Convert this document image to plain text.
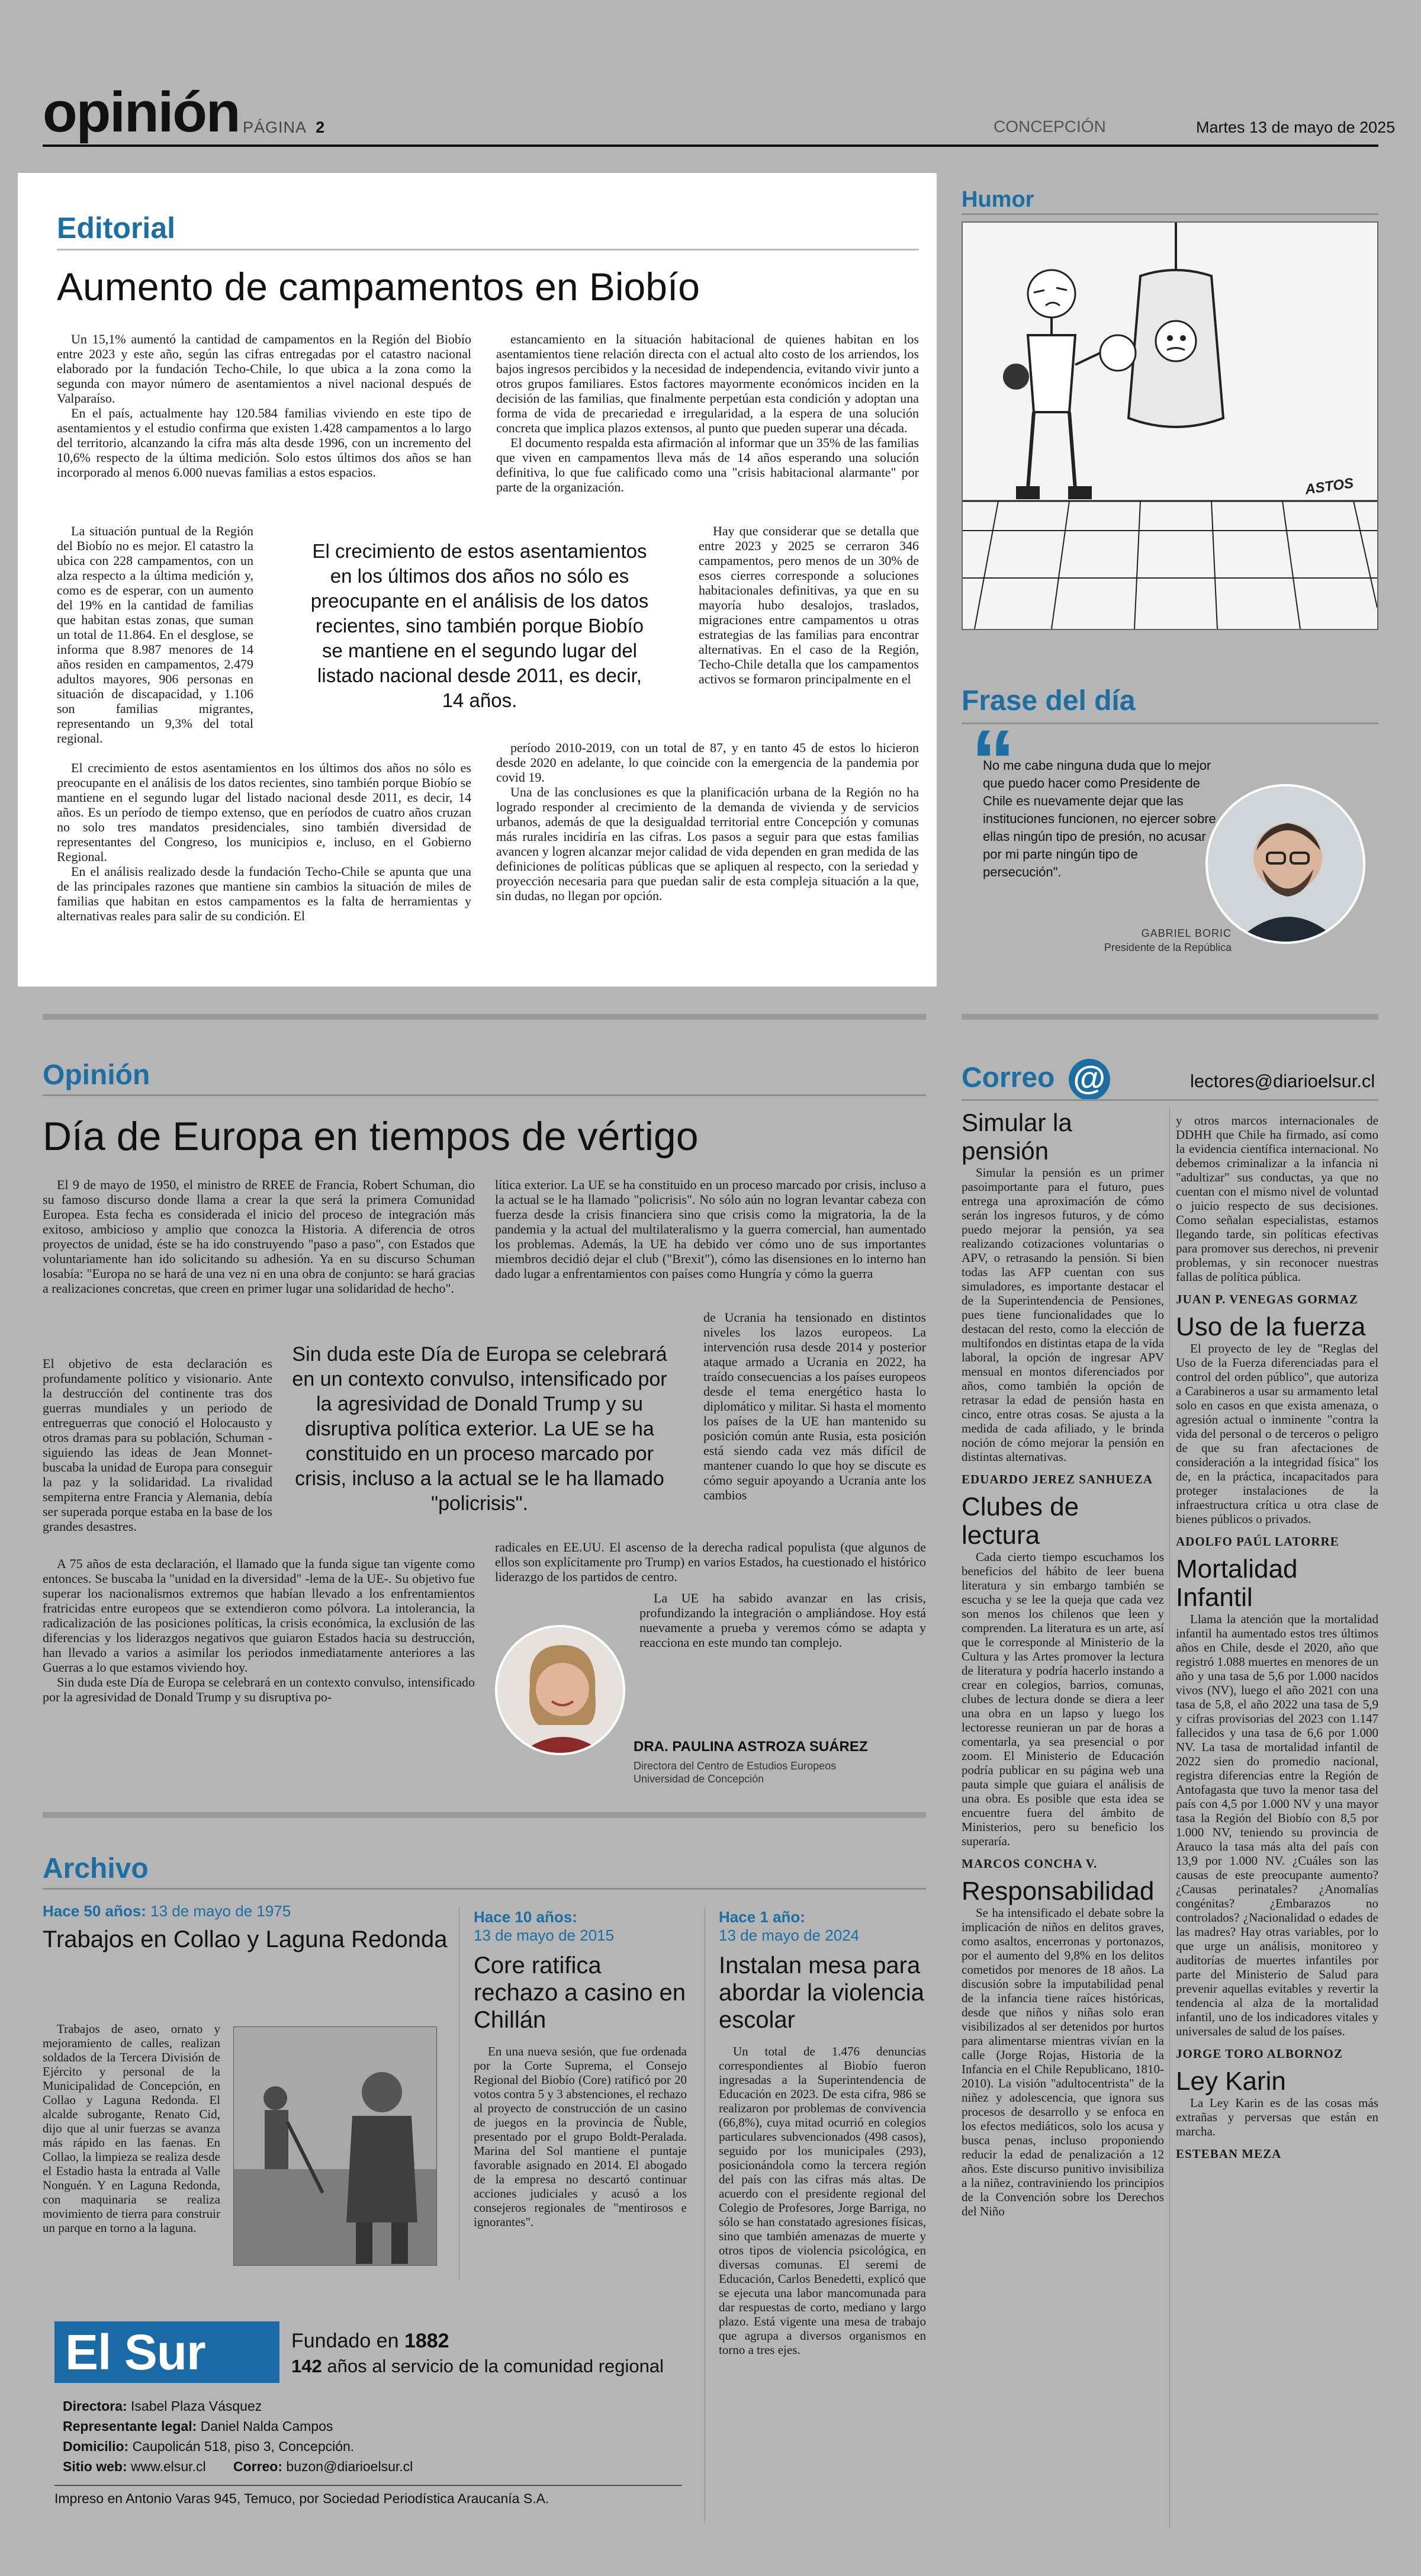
opinión PÁGINA 2	CONCEPCIÓN	Martes 13 de mayo de 2025
Editorial
Aumento de campamentos en Biobío

Un 15,1% aumentó la cantidad de campamentos en la Región del Biobío entre 2023 y este año, según las cifras entregadas por el catastro nacional elaborado por la fundación Techo-Chile, lo que ubica a la zona como la segunda con mayor número de asentamientos a nivel nacional después de Valparaíso.

En el país, actualmente hay 120.584 familias viviendo en este tipo de asentamientos y el estudio confirma que existen 1.428 campamentos a lo largo del territorio, alcanzando la cifra más alta desde 1996, con un incremento del 10,6% respecto de la última medición. Solo estos últimos dos años se han incorporado al menos 6.000 nuevas familias a estos espacios.

La situación puntual de la Región del Biobío no es mejor. El catastro la ubica con 228 campamentos, con un alza respecto a la última medición y, como es de esperar, con un aumento del 19% en la cantidad de familias que habitan estas zonas, que suman un total de 11.864. En el desglose, se informa que 8.987 menores de 14 años residen en campamentos, 2.479 adultos mayores, 906 personas en situación de discapacidad, y 1.106 son familias migrantes, representando un 9,3% del total regional.

El crecimiento de estos asentamientos en los últimos dos años no sólo es preocupante en el análisis de los datos recientes, sino también porque Biobío se mantiene en el segundo lugar del listado nacional desde 2011, es decir, 14 años. Es un período de tiempo extenso, que en períodos de cuatro años cruzan no solo tres mandatos presidenciales, sino también diversidad de representantes del Congreso, los municipios e, incluso, en el Gobierno Regional.

En el análisis realizado desde la fundación Techo-Chile se apunta que una de las principales razones que mantiene sin cambios la situación de miles de familias que habitan en estos campamentos es la falta de herramientas y alternativas reales para salir de su condición. El

estancamiento en la situación habitacional de quienes habitan en los asentamientos tiene relación directa con el actual alto costo de los arriendos, los bajos ingresos percibidos y la necesidad de independencia, evitando vivir junto a otros grupos familiares. Estos factores mayormente económicos inciden en la decisión de las familias, que finalmente perpetúan esta condición y adoptan una forma de vida de precariedad e irregularidad, a la espera de una solución concreta que implica plazos extensos, al punto que pueden superar una década.

El documento respalda esta afirmación al informar que un 35% de las familias que viven en campamentos lleva más de 14 años esperando una solución definitiva, lo que fue calificado como una "crisis habitacional alarmante" por parte de la organización.

Hay que considerar que se detalla que entre 2023 y 2025 se cerraron 346 campamentos, pero menos de un 30% de esos cierres corresponde a soluciones habitacionales definitivas, ya que en su mayoría hubo desalojos, traslados, migraciones entre campamentos u otras estrategias de las familias para encontrar alternativas. En el caso de la Región, Techo-Chile detalla que los campamentos activos se formaron principalmente en el

período 2010-2019, con un total de 87, y en tanto 45 de estos lo hicieron desde 2020 en adelante, lo que coincide con la emergencia de la pandemia por covid 19.

Una de las conclusiones es que la planificación urbana de la Región no ha logrado responder al crecimiento de la demanda de vivienda y de servicios urbanos, además de que la desigualdad territorial entre Concepción y comunas más rurales incidiría en las cifras. Los pasos a seguir para que estas familias avancen y logren alcanzar mejor calidad de vida dependen en gran medida de las definiciones de políticas públicas que se apliquen al respecto, con la seriedad y proyección necesaria para que puedan salir de esta compleja situación a la que, sin dudas, no llegan por opción.

El crecimiento de estos asentamientos en los últimos dos años no sólo es preocupante en el análisis de los datos recientes, sino también porque Biobío se mantiene en el segundo lugar del listado nacional desde 2011, es decir, 14 años.
Humor
ASTOS
Frase del día
“
No me cabe ninguna duda que lo mejor que puedo hacer como Presidente de Chile es nuevamente dejar que las instituciones funcionen, no ejercer sobre ellas ningún tipo de presión, no acusar por mi parte ningún tipo de persecución".
GABRIEL BORIC
Presidente de la República
Opinión
Día de Europa en tiempos de vértigo

El 9 de mayo de 1950, el ministro de RREE de Francia, Robert Schuman, dio su famoso discurso donde llama a crear la que será la primera Comunidad Europea. Esta fecha es considerada el inicio del proceso de integración más exitoso, ambicioso y amplio que conozca la Historia. A diferencia de otros proyectos de unidad, éste se ha ido construyendo "paso a paso", con Estados que voluntariamente han ido solicitando su adhesión. Ya en su discurso Schuman losabía: "Europa no se hará de una vez ni en una obra de conjunto: se hará gracias a realizaciones concretas, que creen en primer lugar una solidaridad de hecho".

El objetivo de esta declaración es profundamente político y visionario. Ante la destrucción del continente tras dos guerras mundiales y un periodo de entreguerras que conoció el Holocausto y otros dramas para su población, Schuman -siguiendo las ideas de Jean Monnet- buscaba la unidad de Europa para conseguir la paz y la solidaridad. La rivalidad sempiterna entre Francia y Alemania, debía ser superada porque estaba en la base de los grandes desastres.

A 75 años de esta declaración, el llamado que la funda sigue tan vigente como entonces. Se buscaba la "unidad en la diversidad" -lema de la UE-. Su objetivo fue superar los nacionalismos extremos que habían llevado a los enfrentamientos fratricidas entre europeos que se extendieron como pólvora. La intolerancia, la radicalización de las posiciones políticas, la crisis económica, la exclusión de las diferencias y los liderazgos negativos que guiaron Estados hacia su destrucción, han llevado a varios a asimilar los periodos inmediatamente anteriores a las Guerras a lo que estamos viviendo hoy.

Sin duda este Día de Europa se celebrará en un contexto convulso, intensificado por la agresividad de Donald Trump y su disruptiva po-

lítica exterior. La UE se ha constituido en un proceso marcado por crisis, incluso a la actual se le ha llamado "policrisis". No sólo aún no logran levantar cabeza con fuerza desde la crisis financiera sino que crisis como la migratoria, la de la pandemia y la actual del multilateralismo y la guerra comercial, han aumentado los problemas. Además, la UE ha debido ver cómo uno de sus importantes miembros decidió dejar el club ("Brexit"), cómo las disensiones en lo interno han dado lugar a enfrentamientos con países como Hungría y cómo la guerra

de Ucrania ha tensionado en distintos niveles los lazos europeos. La intervención rusa desde 2014 y posterior ataque armado a Ucrania en 2022, ha traído consecuencias a los países europeos desde el tema energético hasta lo diplomático y militar. Si hasta el momento los países de la UE han mantenido su posición común ante Rusia, esta posición está siendo cada vez más difícil de mantener cuando lo que hoy se discute es cómo seguir apoyando a Ucrania ante los cambios

radicales en EE.UU. El ascenso de la derecha radical populista (que algunos de ellos son explícitamente pro Trump) en varios Estados, ha cuestionado el histórico liderazgo de los partidos de centro.

La UE ha sabido avanzar en las crisis, profundizando la integración o ampliándose. Hoy está nuevamente a prueba y veremos cómo se adapta y reacciona en este mundo tan complejo.

Sin duda este Día de Europa se celebrará en un contexto convulso, intensificado por la agresividad de Donald Trump y su disruptiva política exterior. La UE se ha constituido en un proceso marcado por crisis, incluso a la actual se le ha llamado "policrisis".
DRA. PAULINA ASTROZA SUÁREZ
Directora del Centro de Estudios Europeos
Universidad de Concepción
Correo @	lectores@diarioelsur.cl
Simular la pensión

Simular la pensión es un primer pasoimportante para el futuro, pues entrega una aproximación de cómo serán los ingresos futuros, y de cómo puedo mejorar la pensión, ya sea realizando cotizaciones voluntarias o APV, o retrasando la pensión. Si bien todas las AFP cuentan con sus simuladores, es importante destacar el de la Superintendencia de Pensiones, pues tiene funcionalidades que lo destacan del resto, como la elección de multifondos en distintas etapa de la vida laboral, la opción de ingresar APV mensual en montos diferenciados por años, como también la opción de retrasar la edad de pensión hasta en cinco, entre otras cosas. Se ajusta a la medida de cada afiliado, y le brinda noción de cómo mejorar la pensión en distintas alternativas.

EDUARDO JEREZ SANHUEZA
Clubes de lectura

Cada cierto tiempo escuchamos los beneficios del hábito de leer buena literatura y sin embargo también se escucha y se lee la queja que cada vez son menos los chilenos que leen y comprenden. La literatura es un arte, así que le corresponde al Ministerio de la Cultura y las Artes promover la lectura de literatura y podría hacerlo instando a crear en colegios, barrios, comunas, clubes de lectura donde se diera a leer una obra en un lapso y luego los lectoresse reunieran un par de horas a comentarla, ya sea presencial o por zoom. El Ministerio de Educación podría publicar en su página web una pauta simple que guiara el análisis de una obra. Es posible que esta idea se encuentre fuera del ámbito de Ministerios, pero su beneficio los superaría.

MARCOS CONCHA V.
Responsabilidad

Se ha intensificado el debate sobre la implicación de niños en delitos graves, como asaltos, encerronas y portonazos, por el aumento del 9,8% en los delitos cometidos por menores de 18 años. La discusión sobre la imputabilidad penal de la infancia tiene raíces históricas, desde que niños y niñas solo eran visibilizados al ser detenidos por hurtos para alimentarse mientras vivían en la calle (Jorge Rojas, Historia de la Infancia en el Chile Republicano, 1810-2010). La visión "adultocentrista" de la niñez y adolescencia, que ignora sus procesos de desarrollo y se enfoca en los efectos mediáticos, solo los acusa y busca penas, incluso proponiendo reducir la edad de penalización a 12 años. Este discurso punitivo invisibiliza a la niñez, contraviniendo los principios de la Convención sobre los Derechos del Niño

y otros marcos internacionales de DDHH que Chile ha firmado, así como la evidencia científica internacional. No debemos criminalizar a la infancia ni "adultizar" sus conductas, ya que no cuentan con el mismo nivel de voluntad o juicio respecto de sus decisiones. Como señalan especialistas, estamos llegando tarde, sin políticas efectivas para promover sus derechos, ni prevenir problemas, y sin reconocer nuestras fallas de política pública.

JUAN P. VENEGAS GORMAZ
Uso de la fuerza

El proyecto de ley de "Reglas del Uso de la Fuerza diferenciadas para el control del orden público", que autoriza a Carabineros a usar su armamento letal solo en casos en que exista amenaza, o agresión actual o inminente "contra la vida del personal o de terceros o peligro de que su fran afectaciones de consideración a la integridad física" los de, en la práctica, incapacitados para proteger instalaciones de la infraestructura crítica u otra clase de bienes públicos o privados.

ADOLFO PAÚL LATORRE
Mortalidad Infantil

Llama la atención que la mortalidad infantil ha aumentado estos tres últimos años en Chile, desde el 2020, año que registró 1.088 muertes en menores de un año y una tasa de 5,6 por 1.000 nacidos vivos (NV), luego el año 2021 con una tasa de 5,8, el año 2022 una tasa de 5,9 y cifras provisorias del 2023 con 1.147 fallecidos y una tasa de 6,6 por 1.000 NV. La tasa de mortalidad infantil de 2022 sien do promedio nacional, registra diferencias entre la Región de Antofagasta que tuvo la menor tasa del país con 4,5 por 1.000 NV y una mayor tasa la Región del Biobío con 8,5 por 1.000 NV, teniendo su provincia de Arauco la tasa más alta del país con 13,9 por 1.000 NV. ¿Cuáles son las causas de este preocupante aumento? ¿Causas perinatales? ¿Anomalías congénitas? ¿Embarazos no controlados? ¿Nacionalidad o edades de las madres? Hay otras variables, por lo que urge un análisis, monitoreo y auditorías de muertes infantiles por parte del Ministerio de Salud para prevenir aquellas evitables y revertir la tendencia al alza de la mortalidad infantil, uno de los indicadores vitales y universales de salud de los países.

JORGE TORO ALBORNOZ
Ley Karin

La Ley Karin es de las cosas más extrañas y perversas que están en marcha.

ESTEBAN MEZA
Archivo
Hace 50 años: 13 de mayo de 1975
Trabajos en Collao y Laguna Redonda

Trabajos de aseo, ornato y mejoramiento de calles, realizan soldados de la Tercera División de Ejército y personal de la Municipalidad de Concepción, en Collao y Laguna Redonda. El alcalde subrogante, Renato Cid, dijo que al unir fuerzas se avanza más rápido en las faenas. En Collao, la limpieza se realiza desde el Estadio hasta la entrada al Valle Nonguén. Y en Laguna Redonda, con maquinaria se realiza movimiento de tierra para construir un parque en torno a la laguna.

Hace 10 años:
13 de mayo de 2015
Core ratifica rechazo a casino en Chillán

En una nueva sesión, que fue ordenada por la Corte Suprema, el Consejo Regional del Biobío (Core) ratificó por 20 votos contra 5 y 3 abstenciones, el rechazo al proyecto de construcción de un casino de juegos en la provincia de Ñuble, presentado por el grupo Boldt-Peralada. Marina del Sol mantiene el puntaje favorable asignado en 2014. El abogado de la empresa no descartó continuar acciones judiciales y acusó a los consejeros regionales de "mentirosos e ignorantes".

Hace 1 año:
13 de mayo de 2024
Instalan mesa para abordar la violencia escolar

Un total de 1.476 denuncias correspondientes al Biobío fueron ingresadas a la Superintendencia de Educación en 2023. De esta cifra, 986 se realizaron por problemas de convivencia (66,8%), cuya mitad ocurrió en colegios particulares subvencionados (498 casos), seguido por los municipales (293), posicionándola como la tercera región del país con las cifras más altas. De acuerdo con el presidente regional del Colegio de Profesores, Jorge Barriga, no sólo se han constatado agresiones físicas, sino que también amenazas de muerte y otros tipos de violencia psicológica, en diversas comunas. El seremi de Educación, Carlos Benedetti, explicó que se ejecuta una labor mancomunada para dar respuestas de corto, mediano y largo plazo. Está vigente una mesa de trabajo que agrupa a diversos organismos en torno a tres ejes.

El Sur	Fundado en 1882
142 años al servicio de la comunidad regional
Directora: Isabel Plaza Vásquez
Representante legal: Daniel Nalda Campos
Domicilio: Caupolicán 518, piso 3, Concepción.
Sitio web: www.elsur.cl Correo: buzon@diarioelsur.cl
Impreso en Antonio Varas 945, Temuco, por Sociedad Periodística Araucanía S.A.
